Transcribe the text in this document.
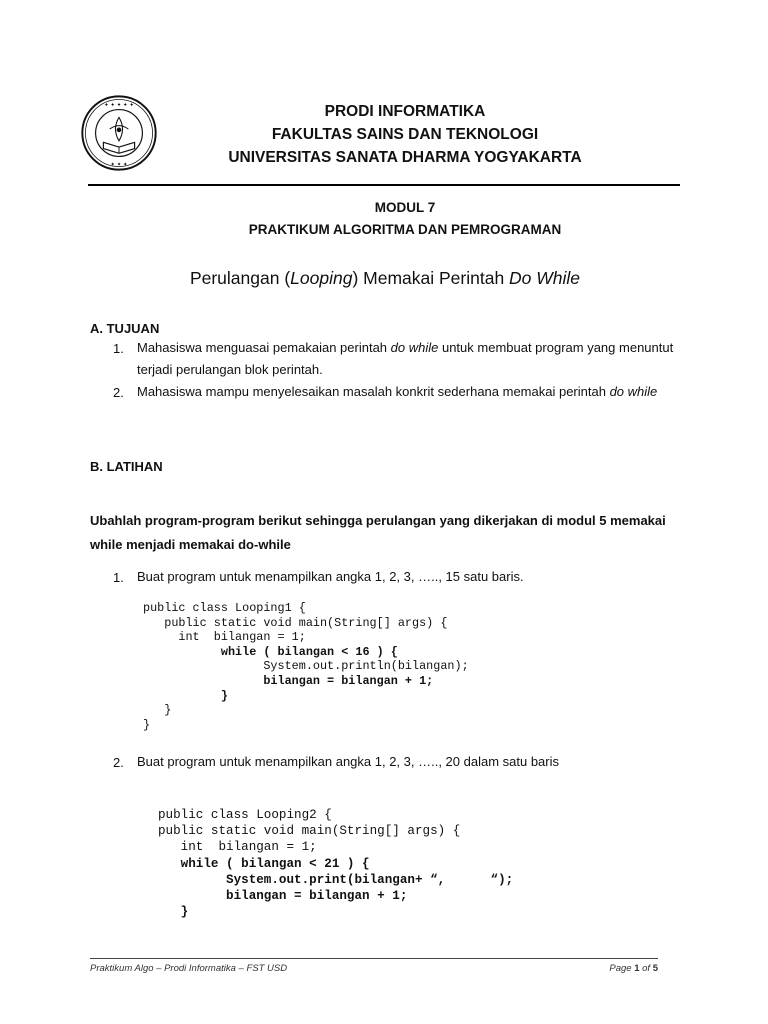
✦ ✦ ✦ ✦ ✦
✦ ✦ ✦
PRODI INFORMATIKA
FAKULTAS SAINS DAN TEKNOLOGI
UNIVERSITAS SANATA DHARMA YOGYAKARTA
MODUL 7
PRAKTIKUM ALGORITMA DAN PEMROGRAMAN
Perulangan (Looping) Memakai Perintah Do While
A. TUJUAN
1. Mahasiswa menguasai pemakaian perintah do while untuk membuat program yang menuntut terjadi perulangan blok perintah.
2. Mahasiswa mampu menyelesaikan masalah konkrit sederhana memakai perintah do while
B. LATIHAN
Ubahlah program-program berikut sehingga perulangan yang dikerjakan di modul 5 memakai while menjadi memakai do-while
1. Buat program untuk menampilkan angka 1, 2, 3, ….., 15 satu baris.
public class Looping1 {
public static void main(String[] args) {
int  bilangan = 1;
while ( bilangan < 16 ) {
System.out.println(bilangan);
bilangan = bilangan + 1;
}
}
}
2. Buat program untuk menampilkan angka 1, 2, 3, ….., 20 dalam satu baris
public class Looping2 {
public static void main(String[] args) {
int  bilangan = 1;
while ( bilangan < 21 ) {
System.out.print(bilangan+ “,      “);
bilangan = bilangan + 1;
}
Praktikum Algo – Prodi Informatika – FST USD	Page 1 of 5
